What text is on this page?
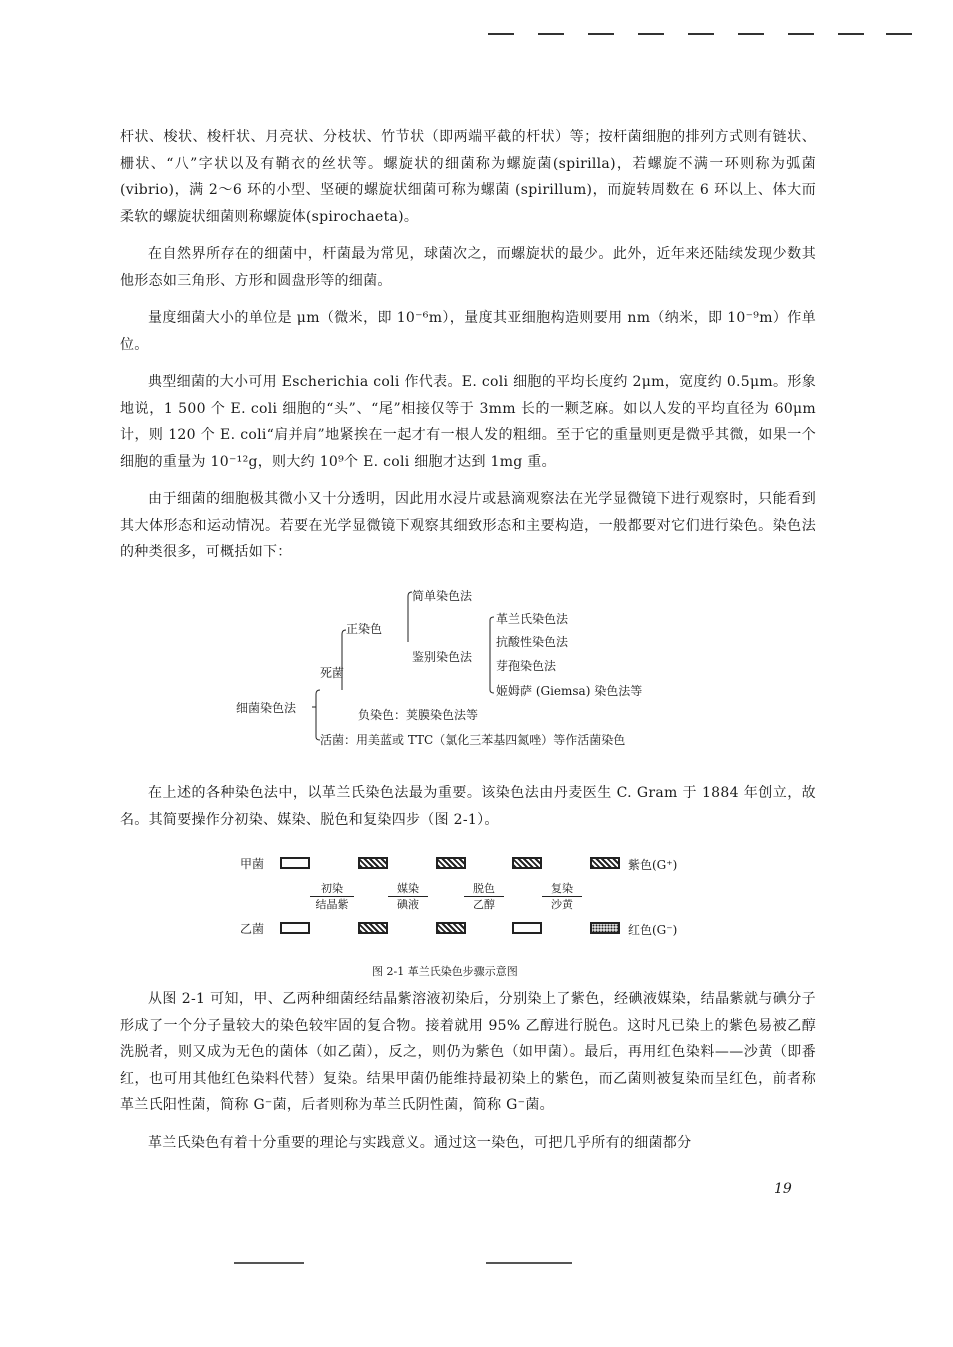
杆状、梭状、梭杆状、月亮状、分枝状、竹节状（即两端平截的杆状）等；按杆菌细胞的排列方式则有链状、栅状、“八”字状以及有鞘衣的丝状等。螺旋状的细菌称为螺旋菌(spirilla)，若螺旋不满一环则称为弧菌 (vibrio)，满 2～6 环的小型、坚硬的螺旋状细菌可称为螺菌 (spirillum)，而旋转周数在 6 环以上、体大而柔软的螺旋状细菌则称螺旋体(spirochaeta)。

在自然界所存在的细菌中，杆菌最为常见，球菌次之，而螺旋状的最少。此外，近年来还陆续发现少数其他形态如三角形、方形和圆盘形等的细菌。

量度细菌大小的单位是 μm（微米，即 10⁻⁶m），量度其亚细胞构造则要用 nm（纳米，即 10⁻⁹m）作单位。

典型细菌的大小可用 Escherichia coli 作代表。E. coli 细胞的平均长度约 2μm，宽度约 0.5μm。形象地说，1 500 个 E. coli 细胞的“头”、“尾”相接仅等于 3mm 长的一颗芝麻。如以人发的平均直径为 60μm 计，则 120 个 E. coli“肩并肩”地紧挨在一起才有一根人发的粗细。至于它的重量则更是微乎其微，如果一个细胞的重量为 10⁻¹²g，则大约 10⁹个 E. coli 细胞才达到 1mg 重。

由于细菌的细胞极其微小又十分透明，因此用水浸片或悬滴观察法在光学显微镜下进行观察时，只能看到其大体形态和运动情况。若要在光学显微镜下观察其细致形态和主要构造，一般都要对它们进行染色。染色法的种类很多，可概括如下：

细菌染色法
死菌
正染色
简单染色法
鉴别染色法
革兰氏染色法
抗酸性染色法
芽孢染色法
姬姆萨 (Giemsa) 染色法等
负染色：荚膜染色法等
活菌：用美蓝或 TTC（氯化三苯基四氮唑）等作活菌染色

在上述的各种染色法中，以革兰氏染色法最为重要。该染色法由丹麦医生 C. Gram 于 1884 年创立，故名。其简要操作分初染、媒染、脱色和复染四步（图 2-1）。

甲菌
乙菌
紫色(G⁺)
初染
结晶紫
媒染
碘液
脱色
乙醇
复染
沙黄
红色(G⁻)
图 2-1 革兰氏染色步骤示意图

从图 2-1 可知，甲、乙两种细菌经结晶紫溶液初染后，分别染上了紫色，经碘液媒染，结晶紫就与碘分子形成了一个分子量较大的染色较牢固的复合物。接着就用 95% 乙醇进行脱色。这时凡已染上的紫色易被乙醇洗脱者，则又成为无色的菌体（如乙菌），反之，则仍为紫色（如甲菌）。最后，再用红色染料——沙黄（即番红，也可用其他红色染料代替）复染。结果甲菌仍能维持最初染上的紫色，而乙菌则被复染而呈红色，前者称革兰氏阳性菌，简称 G⁻菌，后者则称为革兰氏阴性菌，简称 G⁻菌。

革兰氏染色有着十分重要的理论与实践意义。通过这一染色，可把几乎所有的细菌都分

19
